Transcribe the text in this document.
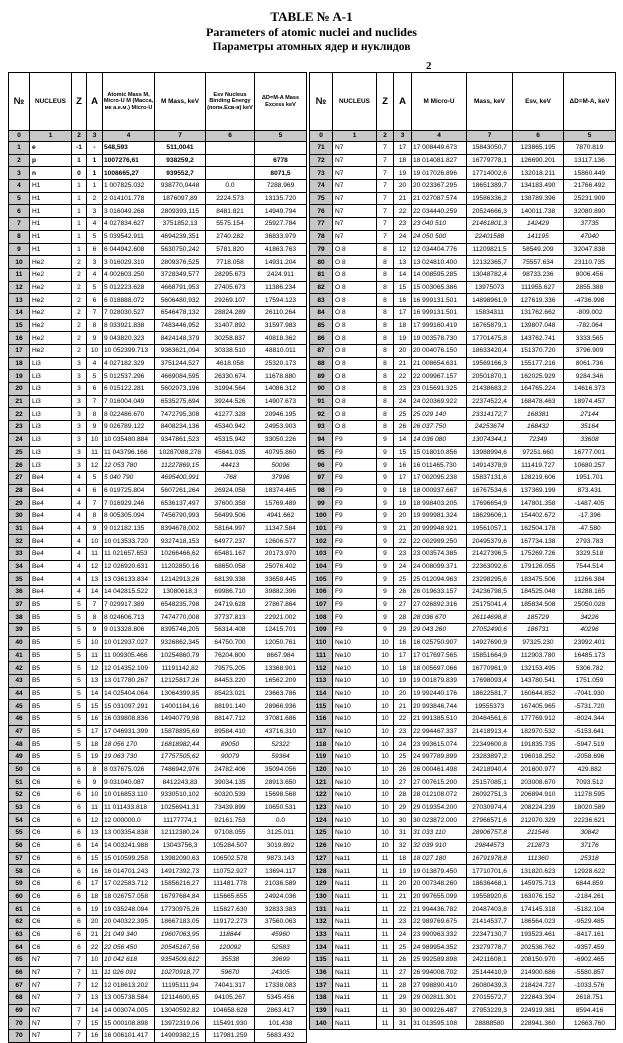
TABLE № A-1
Parameters of atomic nuclei and nuclides
Параметры атомных ядер и нуклидов
2
№	NUCLEUS	Z	A	Atomic Mass M, Micro-U M (Масса, мк а.е.м.) Micro-U	M Mass, keV	Esv Nucleus Binding Energy (попн.Есв-я) keV	ΔD=M-A Mass Excess keV
0	1	2	3	4	7	6	5
1	e	-1	-	548,593	511,0041		
2	p	1	1	1007276,61	938259,2		6778
3	n	0	1	1008665,27	939552,7		8071,5
4	H1	1	1	1 007825.032	938770,0448	0.0	7288.969
5	H1	1	2	2 014101.778	1876097,89	2224.573	13135.720
6	H1	1	3	3 016049.268	2809393,115	8481.821	14949.794
7	H1	1	4	4 027834.627	3751852,13	5575.154	25927.784
8	H1	1	5	5 039542.911	4694239,351	2740.282	36833.979
9	H1	1	6	6 044942.608	5630750,242	5781.820	41863.763
10	He2	2	3	3 016029.310	2809376,525	7718.058	14931.204
11	He2	2	4	4 002603.250	3728349,577	28295.673	2424.911
12	He2	2	5	5 012223.628	4668791,953	27405.673	11386.234
13	He2	2	6	6 018888.072	5606480,932	29269.107	17594.123
14	He2	2	7	7 028030.527	6546478,132	28824.289	26110.264
15	He2	2	8	8 033921.838	7483446,952	31407.892	31597.983
16	He2	2	9	9 043820.323	8424148,379	30258.837	40818.362
17	He2	2	10	10 052399.713	9363621,094	30338.510	48810.011
18	Li3	3	4	4 027182.329	3751244,527	4618.058	25320.173
19	Li3	3	5	5 012537.296	4669084,595	26330.674	11678.880
20	Li3	3	6	6 015122.281	5602973,196	31994.564	14086.312
21	Li3	3	7	7 016004.049	6535275,694	39244.526	14907.673
22	Li3	3	8	8 022486.670	7472795,308	41277.328	20946.195
23	Li3	3	9	9 026789.122	8408234,136	45340.942	24953.903
24	Li3	3	10	10 035480.884	9347861,523	45315.942	33050.226
25	Li3	3	11	11 043796.166	10287088,278	45641.035	40795.860
26	Li3	3	12	12 053 780	11227869,15	44413	50096
27	Be4	4	5	5 040 790	4695400,991	-768	37996
28	Be4	4	6	6 019725.804	5607261,264	26924.058	18374.465
29	Be4	4	7	7 016929.246	6536137,497	37600.358	15769.489
30	Be4	4	8	8 005305.094	7456790,993	56499.506	4941.662
31	Be4	4	9	9 012182.135	8394678,002	58164.997	11347.584
32	Be4	4	10	10 013533.720	9327418,153	64977.237	12606.577
33	Be4	4	11	11 021657.653	10266466,62	65481.167	20173.970
34	Be4	4	12	12 026920.631	11202850,16	68650.058	25076.402
35	Be4	4	13	13 036133.834	12142913,26	68139.338	33658.445
36	Be4	4	14	14 042815.522	13080618,3	69986.710	39882.396
37	B5	5	7	7 029917.389	6548235,798	24719.628	27867.864
38	B5	5	8	8 024606.713	7474770,008	37737.813	22921.002
39	B5	5	9	9 013328.806	8395746,205	56314.408	12415.701
40	B5	5	10	10 012937.027	9326862,345	64750.700	12050.761
41	B5	5	11	11 009305.466	10254860,79	76204.800	8667.984
42	B5	5	12	12 014352.109	11191142,82	79575.205	13368.901
43	B5	5	13	13 017780.267	12125817,26	84453.220	16562.209
44	B5	5	14	14 025404.064	13064399,85	85423.021	23663.786
45	B5	5	15	15 031097.291	14001184,16	88191.140	28966.936
46	B5	5	16	16 039808.836	14940779,98	88147.712	37081.686
47	B5	5	17	17 046931.399	15878895,69	89584.410	43716.310
48	B5	5	18	18 056 170	16818982,44	89050	52322
49	B5	5	19	19 063 730	17757505,62	90079	59364
50	C6	6	8	8 037675.026	7486942,976	24782.406	35094.056
51	C6	6	9	9 031040.087	8412243,83	39034.135	28913.650
52	C6	6	10	10 016853.110	9330510,102	60320.539	15698.568
53	C6	6	11	11 011433.818	10256941,31	73439.899	10650.531
54	C6	6	12	12 000000.0	11177774,1	92161.753	0.0
55	C6	6	13	13 003354.838	12112380,24	97108.055	3125.011
56	C6	6	14	14 003241.988	13043756,3	105284.507	3019.892
57	C6	6	15	15 010599.258	13982090,63	106502.578	9873.143
58	C6	6	16	16 014701.243	14917392,73	110752.927	13694.117
59	C6	6	17	17 022583.712	15856216,27	111481.778	21036.589
60	C6	6	18	18 026757.058	16797684,84	115665.655	24924.036
61	C6	6	19	19 035248.094	17730975,26	115827.630	32833.383
62	C6	6	20	20 040322.395	18667183,05	119172.273	37560.063
63	C6	6	21	21 049 340	19607063,95	118844	45960
64	C6	6	22	22 056 450	20545167,56	120092	52583
65	N7	7	10	10 042 618	9354509,612	35538	39699
66	N7	7	11	11 026 091	10270918,77	59670	24305
67	N7	7	12	12 018613.202	11195111,94	74041.317	17338.083
68	N7	7	13	13 005738.584	12114600,65	94105.267	5345.456
69	N7	7	14	14 003074.005	13040592,82	104658.628	2863.417
70	N7	7	15	15 000108.898	13972319,06	115491.930	101.438
70	N7	7	16	16 006101.417	14909382,15	117981.259	5683.432
№	NUCLEUS	Z	A	M Micro-U	Mass, keV	Esv, keV	ΔD=M-A, keV
0	1	2	3	4	7	6	5
71	N7	7	17	17 008449.673	15843050,7	123865.195	7870.819
72	N7	7	18	18 014081.827	16779778,1	126690.201	13117.136
73	N7	7	19	19 017026.896	17714002,6	132018.211	15860.449
74	N7	7	20	20 023367.295	18651389,7	134183.490	21766.492
75	N7	7	21	21 027087.574	19586336,2	138789.396	25231.909
76	N7	7	22	22 034440.259	20524666,3	140011.738	32080.890
77	N7	7	23	23 040 510	21461801,3	142429	37735
78	N7	7	24	24 050 500	22401588	141195	47040
79	O 8	8	12	12 034404.776	11209821,5	58549.209	32047.838
80	O 8	8	13	13 024810.400	12132365,7	75557.634	23110.735
81	O 8	8	14	14 008595.285	13048782,4	98733.236	8006.456
82	O 8	8	15	15 003065.386	13975073	111955.627	2855.388
83	O 8	8	16	16 999131.501	14898961,9	127619.336	-4736.998
84	O 8	8	17	16 999131.501	15834311	131762.662	-809.002
85	O 8	8	18	17 999160.419	16765879,1	139807.048	-782.064
86	O 8	8	19	19 003578.730	17701475,8	143762.741	3333.565
87	O 8	8	20	20 004076.150	18633420,4	151370.720	3796.909
88	O 8	8	21	21 008654.631	19569166,3	155177.216	8061.736
89	O 8	8	22	22 009967.157	20501870,1	162025.929	9284.346
90	O 8	8	23	23 015691.325	21438683,2	164765.224	14616.373
91	O 8	8	24	24 020369.922	22374522,4	168478.463	18974.457
92	O 8	8	25	25 029 140	23314172,7	168381	27144
93	O 8	8	26	26 037 750	24253674	168432	35164
94	F9	9	14	14 036 080	13074344,1	72349	33608
95	F9	9	15	15 018010.856	13988994,6	97251.660	16777.001
96	F9	9	16	16 011465.730	14914378,9	111419.727	10680.257
97	F9	9	17	17 002095.238	15837131,6	128219.606	1951.701
98	F9	9	18	18 000937.667	16767534,6	137369.199	873.431
99	F9	9	19	18 998403.205	17696654,9	147801.358	-1487.405
100	F9	9	20	19 999981.324	18629606,1	154402.672	-17.396
101	F9	9	21	20 999948.921	19561057,1	162504.178	-47.580
102	F9	9	22	22 002999.250	20495379,6	167734.138	2793.783
103	F9	9	23	23 003574.385	21427396,5	175269.726	3329.518
104	F9	9	24	24 008099.371	22363092,6	179126.055	7544.514
105	F9	9	25	25 012094.963	23298295,6	183475.506	11266.384
106	F9	9	26	26 019633.157	24236798,5	184525.048	18288.165
107	F9	9	27	27 026892.316	25175041,4	185834.508	25050.028
108	F9	9	28	28 036 670	26114698,8	185729	34226
109	F9	9	29	29 043 260	27052490,6	186731	40296
110	Ne10	10	16	16 025750.907	14927690,9	97325.230	23992.401
111	Ne10	10	17	17 017697.565	15851664,9	112903.780	16485.173
112	Ne10	10	18	18 005697.066	16770961,9	132153.495	5306.782
113	Ne10	10	19	19 001879.839	17698093,4	143780.541	1751.059
114	Ne10	10	20	19 992440.176	18622581,7	160644.852	-7041.930
115	Ne10	10	21	20 993846.744	19555373	167405.965	-5731.720
116	Ne10	10	22	21 991385.510	20484561,6	177769.912	-8024.344
117	Ne10	10	23	22 994467.337	21418913,4	182970.532	-5153.641
118	Ne10	10	24	23 993615.074	22349600,8	191835.735	-5947.519
119	Ne10	10	25	24 997789.899	23283897,2	196018.252	-2058.696
120	Ne10	10	26	26 000461.498	24218940,4	201600.977	429.882
121	Ne10	10	27	27 007615.200	25157085,1	203008.670	7093.512
122	Ne10	10	28	28 012108.072	26092751,3	206894.910	11278.595
123	Ne10	10	29	29 019354.200	27030974,4	208224.239	18020.589
124	Ne10	10	30	30 023872.000	27966571,6	212070.329	22236.621
125	Ne10	10	31	31 033 110	28906757,8	211546	30842
126	Ne10	10	32	32 039 910	29844573	212873	37176
127	Na11	11	18	18 027 180	16791978,8	111360	25318
128	Na11	11	19	19 013879.450	17710701,6	131820.623	12928.622
129	Na11	11	20	20 007348.260	18636468,1	145975.713	6844.859
130	Na11	11	21	20 997655.099	19558920,6	163076.152	-2184.261
131	Na11	11	22	21 994436.782	20487403,8	174145.318	-5182.104
132	Na11	11	23	22 989769.675	21414537,7	186564.023	-9529.485
133	Na11	11	24	23 990963.332	22347130,7	193523.461	-8417.161
134	Na11	11	25	24 989954.352	23279778,7	202536.762	-9357.459
135	Na11	11	26	25 992589.898	24211608,1	208150.970	-6902.465
136	Na11	11	27	26 994008.702	25144410,9	214900.686	-5580.857
137	Na11	11	28	27 998890.410	26080439,3	218424.727	-1033.576
138	Na11	11	29	29 002811.301	27015572,7	222843.394	2618.751
139	Na11	11	30	30 009226.487	27953229,3	224919.381	8594.416
140	Na11	11	31	31 013595.108	28888580	228941.360	12663.760
